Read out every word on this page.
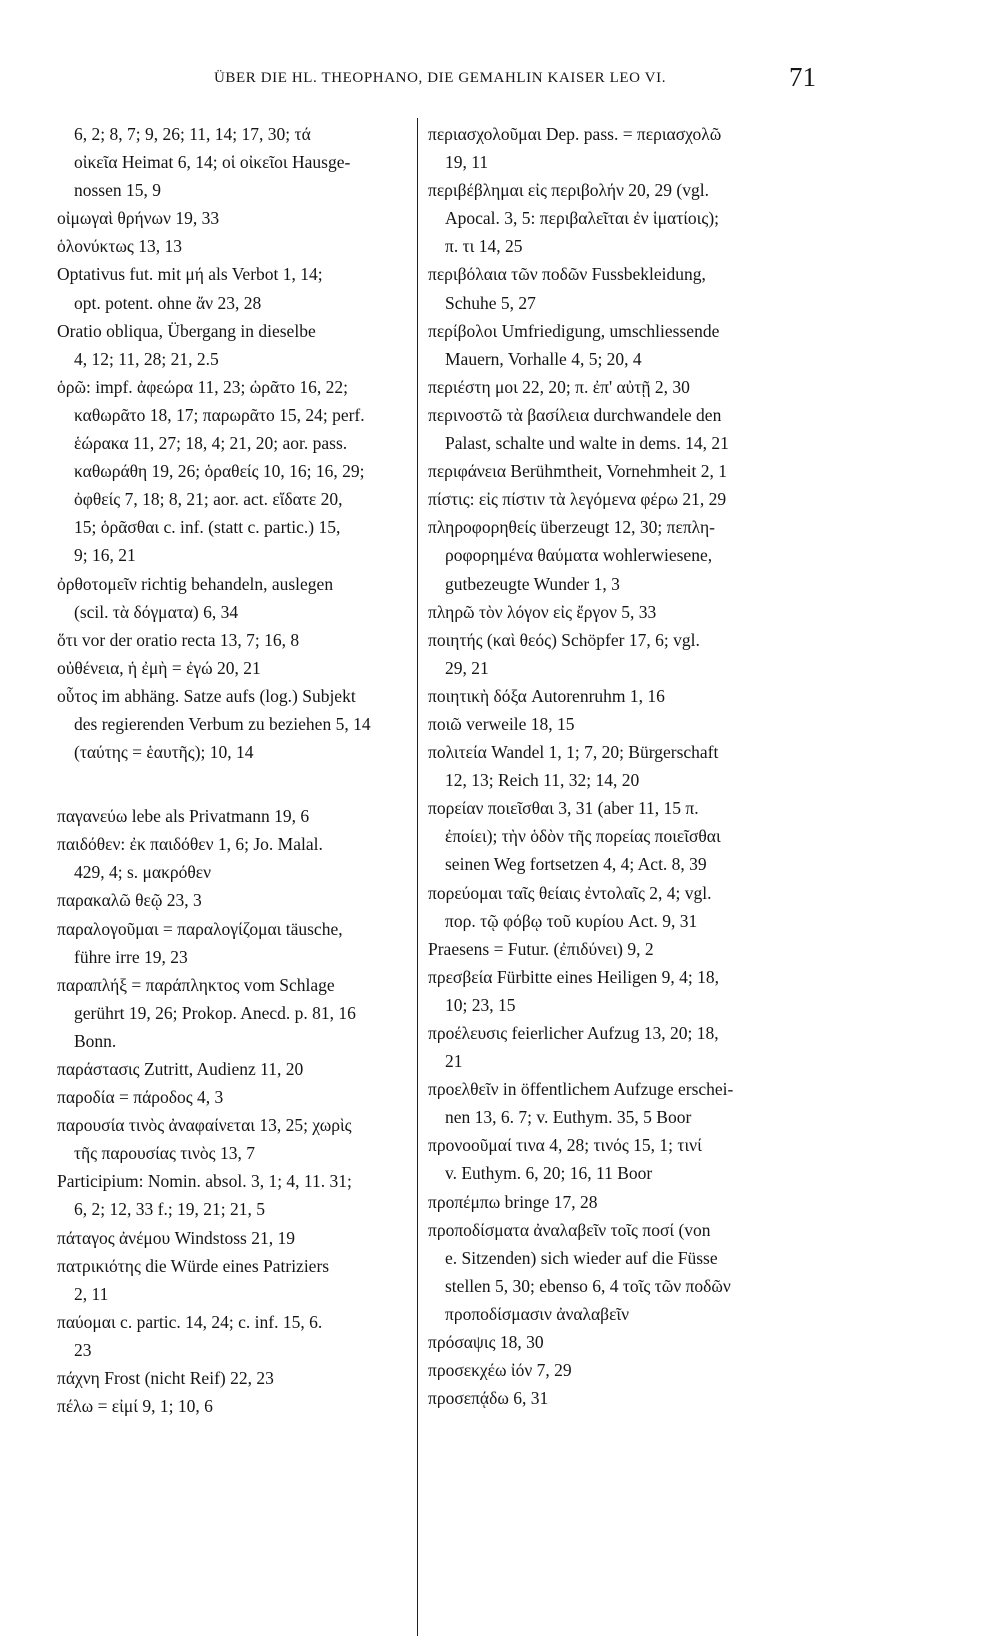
ÜBER DIE HL. THEOPHANO, DIE GEMAHLIN KAISER LEO VI.	71
6, 2; 8, 7; 9, 26; 11, 14; 17, 30; τά
οἰκεῖα Heimat 6, 14; οἱ οἰκεῖοι Hausge-
nossen 15, 9
οἰμωγαὶ θρήνων 19, 33
ὁλονύκτως 13, 13
Optativus fut. mit μή als Verbot 1, 14;
opt. potent. ohne ἄν 23, 28
Oratio obliqua, Übergang in dieselbe
4, 12; 11, 28; 21, 2.5
ὁρῶ: impf. ἀφεώρα 11, 23; ὡρᾶτο 16, 22;
καθωρᾶτο 18, 17; παρωρᾶτο 15, 24; perf.
ἑώρακα 11, 27; 18, 4; 21, 20; aor. pass.
καθωράθη 19, 26; ὁραθείς 10, 16; 16, 29;
ὀφθείς 7, 18; 8, 21; aor. act. εἴδατε 20,
15; ὁρᾶσθαι c. inf. (statt c. partic.) 15,
9; 16, 21
ὀρθοτομεῖν richtig behandeln, auslegen
(scil. τὰ δόγματα) 6, 34
ὅτι vor der oratio recta 13, 7; 16, 8
οὐθένεια, ἡ ἐμὴ = ἐγώ 20, 21
οὗτος im abhäng. Satze aufs (log.) Subjekt
des regierenden Verbum zu beziehen 5, 14
(ταύτης = ἑαυτῆς); 10, 14
παγανεύω lebe als Privatmann 19, 6
παιδόθεν: ἐκ παιδόθεν 1, 6; Jo. Malal.
429, 4; s. μακρόθεν
παρακαλῶ θεῷ 23, 3
παραλογοῦμαι = παραλογίζομαι täusche,
führe irre 19, 23
παραπλήξ = παράπληκτος vom Schlage
gerührt 19, 26; Prokop. Anecd. p. 81, 16
Bonn.
παράστασις Zutritt, Audienz 11, 20
παροδία = πάροδος 4, 3
παρουσία τινὸς ἀναφαίνεται 13, 25; χωρὶς
τῆς παρουσίας τινὸς 13, 7
Participium: Nomin. absol. 3, 1; 4, 11. 31;
6, 2; 12, 33 f.; 19, 21; 21, 5
πάταγος ἀνέμου Windstoss 21, 19
πατρικιότης die Würde eines Patriziers
2, 11
παύομαι c. partic. 14, 24; c. inf. 15, 6.
23
πάχνη Frost (nicht Reif) 22, 23
πέλω = εἰμί 9, 1; 10, 6
περιασχολοῦμαι Dep. pass. = περιασχολῶ
19, 11
περιβέβλημαι εἰς περιβολήν 20, 29 (vgl.
Apocal. 3, 5: περιβαλεῖται ἐν ἱματίοις);
π. τι 14, 25
περιβόλαια τῶν ποδῶν Fussbekleidung,
Schuhe 5, 27
περίβολοι Umfriedigung, umschliessende
Mauern, Vorhalle 4, 5; 20, 4
περιέστη μοι 22, 20; π. ἐπ' αὐτῇ 2, 30
περινοστῶ τὰ βασίλεια durchwandele den
Palast, schalte und walte in dems. 14, 21
περιφάνεια Berühmtheit, Vornehmheit 2, 1
πίστις: εἰς πίστιν τὰ λεγόμενα φέρω 21, 29
πληροφορηθείς überzeugt 12, 30; πεπλη-
ροφορημένα θαύματα wohlerwiesene,
gutbezeugte Wunder 1, 3
πληρῶ τὸν λόγον εἰς ἔργον 5, 33
ποιητής (καὶ θεός) Schöpfer 17, 6; vgl.
29, 21
ποιητικὴ δόξα Autorenruhm 1, 16
ποιῶ verweile 18, 15
πολιτεία Wandel 1, 1; 7, 20; Bürgerschaft
12, 13; Reich 11, 32; 14, 20
πορείαν ποιεῖσθαι 3, 31 (aber 11, 15 π.
ἐποίει); τὴν ὁδὸν τῆς πορείας ποιεῖσθαι
seinen Weg fortsetzen 4, 4; Act. 8, 39
πορεύομαι ταῖς θείαις ἐντολαῖς 2, 4; vgl.
πορ. τῷ φόβῳ τοῦ κυρίου Act. 9, 31
Praesens = Futur. (ἐπιδύνει) 9, 2
πρεσβεία Fürbitte eines Heiligen 9, 4; 18,
10; 23, 15
προέλευσις feierlicher Aufzug 13, 20; 18,
21
προελθεῖν in öffentlichem Aufzuge erschei-
nen 13, 6. 7; v. Euthym. 35, 5 Boor
προνοοῦμαί τινα 4, 28; τινός 15, 1; τινί
v. Euthym. 6, 20; 16, 11 Boor
προπέμπω bringe 17, 28
προποδίσματα ἀναλαβεῖν τοῖς ποσί (von
e. Sitzenden) sich wieder auf die Füsse
stellen 5, 30; ebenso 6, 4 τοῖς τῶν ποδῶν
προποδίσμασιν ἀναλαβεῖν
πρόσαψις 18, 30
προσεκχέω ἰόν 7, 29
προσεπᾴδω 6, 31
